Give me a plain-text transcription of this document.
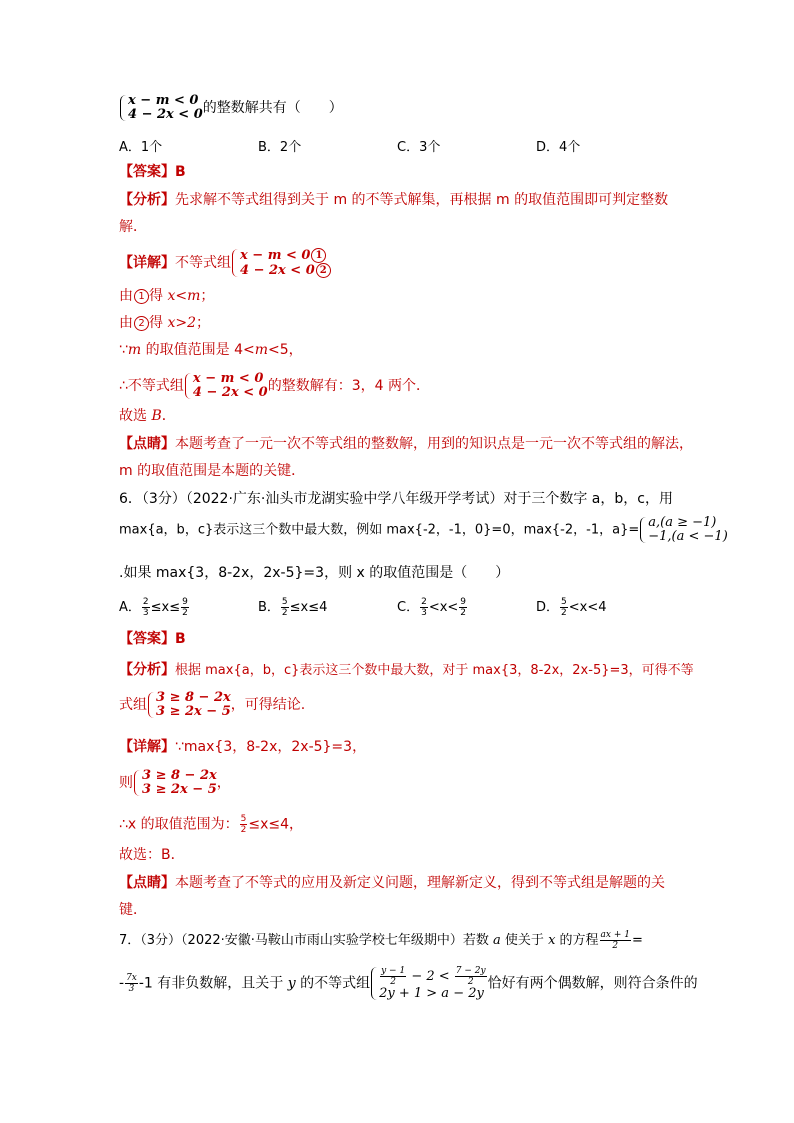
x − m < 0
4 − 2x < 0 的整数解共有（　　）
A．1个	B．2个	C．3个	D．4个
【答案】B
【分析】先求解不等式组得到关于 m 的不等式解集，再根据 m 的取值范围即可判定整数
解．
【详解】不等式组 x − m < 0 1
4 − 2x < 0 2
由 1 得 x<m；
由 2 得 x>2；
∵m 的取值范围是 4<m<5，
∴不等式组 x − m < 0
4 − 2x < 0 的整数解有：3，4 两个．
故选 B．
【点睛】本题考查了一元一次不等式组的整数解，用到的知识点是一元一次不等式组的解法，
m 的取值范围是本题的关键．
6．（3分）（2022·广东·汕头市龙湖实验中学八年级开学考试）对于三个数字 a，b，c，用
max{a，b，c}表示这三个数中最大数，例如 max{-2，-1，0}=0，max{-2，-1，a}= a,(a ≥ −1)
−1,(a < −1)
.如果 max{3，8-2x，2x-5}=3，则 x 的取值范围是（　　）
A． $\frac{2}{3} \le x\le \frac{9}{2}$	B． $\frac{5}{2} \le x\le 4$	C． $\frac{2}{3} <x< \frac{9}{2}$	D． $\frac{5}{2} <x<4$
【答案】B
【分析】根据 max{a，b，c}表示这三个数中最大数，对于 max{3，8-2x，2x-5}=3，可得不等
式组 3 ≥ 8 − 2x
3 ≥ 2x − 5 ，可得结论.
【详解】∵max{3，8-2x，2x-5}=3，
则 3 ≥ 8 − 2x
3 ≥ 2x − 5 ，
∴x 的取值范围为： $\frac{5}{2} \le x\le 4$，
故选：B．
【点睛】本题考查了不等式的应用及新定义问题，理解新定义，得到不等式组是解题的关
键．
7．（3分）（2022·安徽·马鞍山市雨山实验学校七年级期中）若数 a 使关于 x 的方程 $\frac{ax + 1}{2}$ =
- $\frac{7x}{3} -1$ 有非负数解，且关于 y 的不等式组 $\frac{y - 1}{2} - 2 < \frac{7 - 2y}{2}$
2y + 1 > a − 2y
恰好有两个偶数解，则符合条件的
